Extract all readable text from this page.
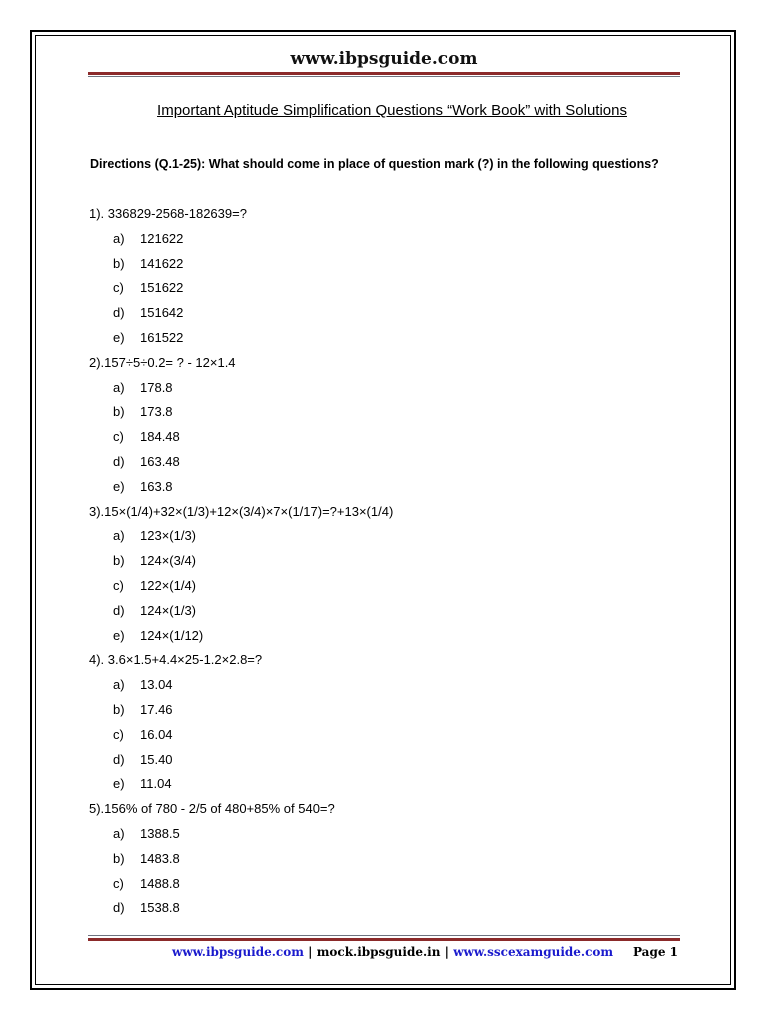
www.ibpsguide.com
Important Aptitude Simplification Questions “Work Book” with Solutions
Directions (Q.1-25): What should come in place of question mark (?) in the following questions?
1). 336829-2568-182639=?
a) 121622
b) 141622
c) 151622
d) 151642
e) 161522
2).157÷5÷0.2= ? - 12×1.4
a) 178.8
b) 173.8
c) 184.48
d) 163.48
e) 163.8
3).15×(1/4)+32×(1/3)+12×(3/4)×7×(1/17)=?+13×(1/4)
a) 123×(1/3)
b) 124×(3/4)
c) 122×(1/4)
d) 124×(1/3)
e) 124×(1/12)
4). 3.6×1.5+4.4×25-1.2×2.8=?
a) 13.04
b) 17.46
c) 16.04
d) 15.40
e) 11.04
5).156% of 780 - 2/5 of 480+85% of 540=?
a) 1388.5
b) 1483.8
c) 1488.8
d) 1538.8
www.ibpsguide.com | mock.ibpsguide.in | www.sscexamguide.com Page 1
